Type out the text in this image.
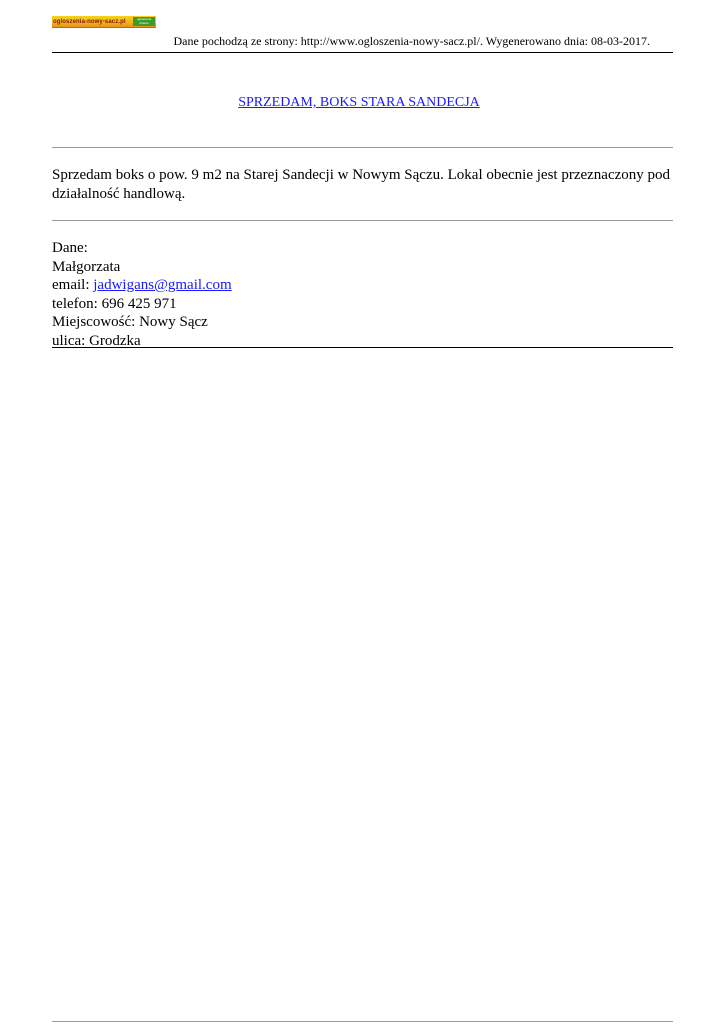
ogloszenia-nowy-sacz.pl	ogłoszenia drobne
Dane pochodzą ze strony: http://www.ogloszenia-nowy-sacz.pl/. Wygenerowano dnia: 08-03-2017.
SPRZEDAM, BOKS STARA SANDECJA
Sprzedam boks o pow. 9 m2 na Starej Sandecji w Nowym Sączu. Lokal obecnie jest przeznaczony pod działalność handlową.
Dane:
Małgorzata
email: jadwigans@gmail.com
telefon: 696 425 971
Miejscowość: Nowy Sącz
ulica: Grodzka
